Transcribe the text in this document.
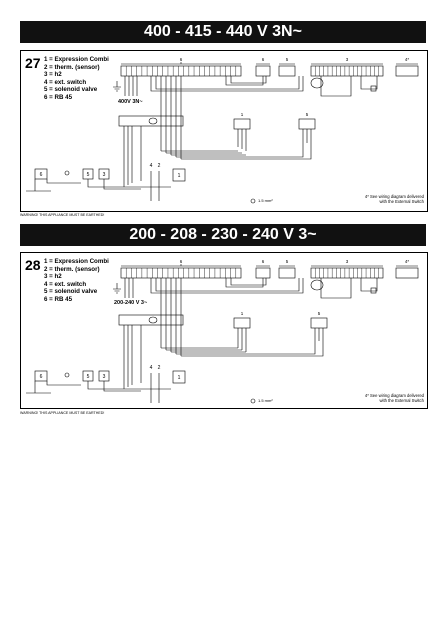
400 - 415 - 440 V 3N~
27 1 = Expression Combi
2 = therm. (sensor)
3 = h2
4 = ext. switch
5 = solenoid valve
6 = RB 45
400V 3N~
6	6	5	3	4*
1	5
6	5	3	1
4 2
1.5 mm²
4* See wiring diagram delivered
with the External Switch
WARNING! THIS APPLIANCE MUST BE EARTHED!
200 - 208 - 230 - 240 V 3~
28 1 = Expression Combi
2 = therm. (sensor)
3 = h2
4 = ext. switch
5 = solenoid valve
6 = RB 45
200-240 V 3~
6	6	5	3	4*
1	5
6	5	3	1
4 2
1.5 mm²
4* See wiring diagram delivered
with the External Switch
WARNING! THIS APPLIANCE MUST BE EARTHED!
